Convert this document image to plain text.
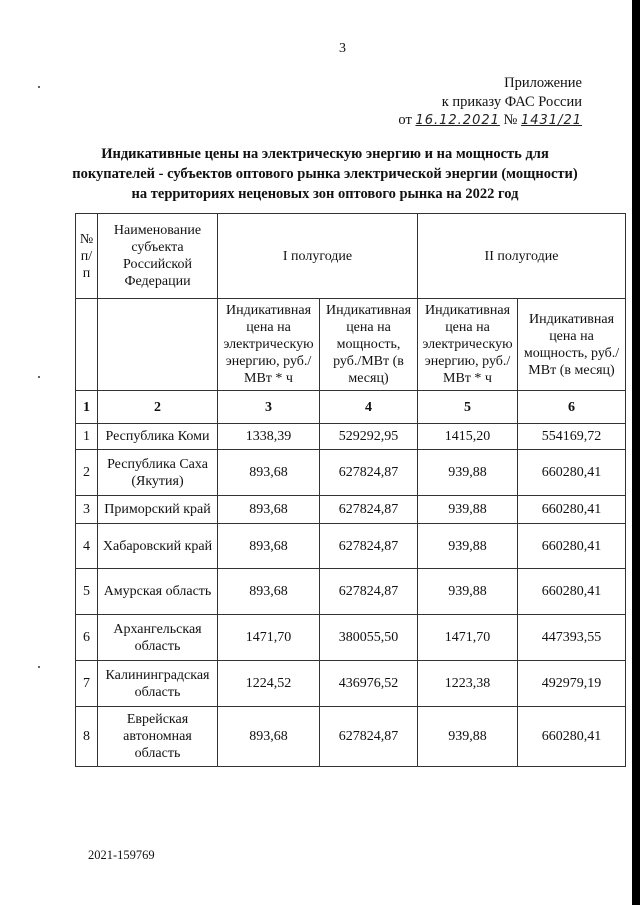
3
Приложение
к приказу ФАС России
от 16.12.2021 № 1431/21
Индикативные цены на электрическую энергию и на мощность для
покупателей - субъектов оптового рынка электрической энергии (мощности)
на территориях неценовых зон оптового рынка на 2022 год
№ п/ п	Наименование субъекта Российской Федерации	I полугодие		II полугодие	
		Индикативная цена на электрическую энергию, руб./МВт * ч	Индикативная цена на мощность, руб./МВт (в месяц)	Индикативная цена на электрическую энергию, руб./МВт * ч	Индикативная цена на мощность, руб./МВт (в месяц)
1	2	3	4	5	6
1	Республика Коми	1338,39	529292,95	1415,20	554169,72
2	Республика Саха (Якутия)	893,68	627824,87	939,88	660280,41
3	Приморский край	893,68	627824,87	939,88	660280,41
4	Хабаровский край	893,68	627824,87	939,88	660280,41
5	Амурская область	893,68	627824,87	939,88	660280,41
6	Архангельская область	1471,70	380055,50	1471,70	447393,55
7	Калининградская область	1224,52	436976,52	1223,38	492979,19
8	Еврейская автономная область	893,68	627824,87	939,88	660280,41
2021-159769
